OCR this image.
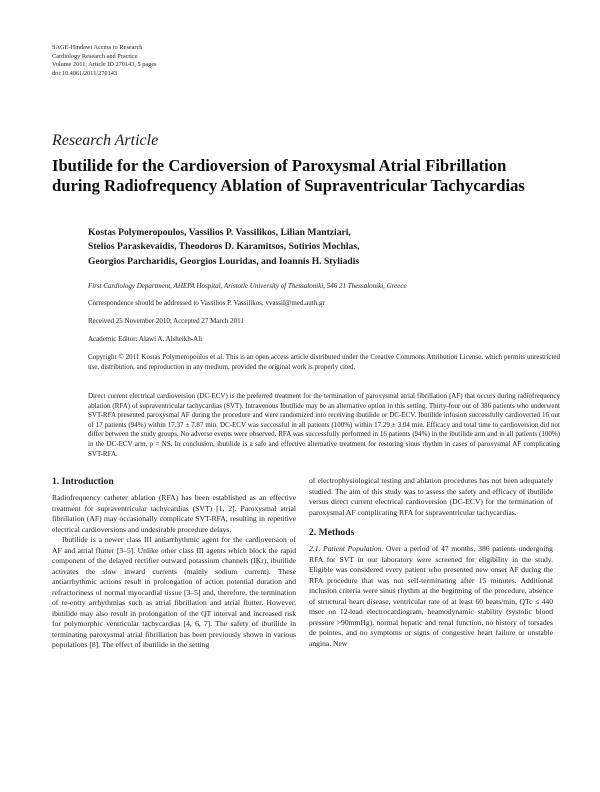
SAGE-Hindawi Access to Research
Cardiology Research and Practice
Volume 2011, Article ID 270143, 5 pages
doi:10.4061/2011/270143
Research Article
Ibutilide for the Cardioversion of Paroxysmal Atrial Fibrillation
during Radiofrequency Ablation of Supraventricular Tachycardias
Kostas Polymeropoulos, Vassilios P. Vassilikos, Lilian Mantziari,
Stelios Paraskevaidis, Theodoros D. Karamitsos, Sotirios Mochlas,
Georgios Parcharidis, Georgios Louridas, and Ioannis H. Styliadis
First Cardiology Department, AHEPA Hospital, Aristotle University of Thessaloniki, 546 21 Thessaloniki, Greece
Correspondence should be addressed to Vassilios P. Vassilikos, vvassil@med.auth.gr
Received 25 November 2010; Accepted 27 March 2011
Academic Editor: Alawi A. Alsheikh-Ali
Copyright © 2011 Kostas Polymeropoulos et al. This is an open access article distributed under the Creative Commons Attribution License, which permits unrestricted use, distribution, and reproduction in any medium, provided the original work is properly cited.
Direct current electrical cardioversion (DC-ECV) is the preferred treatment for the termination of paroxysmal atrial fibrillation (AF) that occurs during radiofrequency ablation (RFA) of supraventricular tachycardias (SVT). Intravenous Ibutilide may be an alternative option in this setting. Thirty-four out of 386 patients who underwent SVT-RFA presented paroxysmal AF during the procedure and were randomized into receiving ibutilide or DC-ECV. Ibutilide infusion successfully cardioverted 16 out of 17 patients (94%) within 17.37 ± 7.87 min. DC-ECV was successful in all patients (100%) within 17.29 ± 3.04 min. Efficacy and total time to cardioversion did not differ between the study groups. No adverse events were observed. RFA was successfully performed in 16 patients (94%) in the ibutilide arm and in all patients (100%) in the DC-ECV arm, p = NS. In conclusion, ibutilide is a safe and effective alternative treatment for restoring sinus rhythm in cases of paroxysmal AF complicating SVT-RFA.
1. Introduction

Radiofrequency catheter ablation (RFA) has been established as an effective treatment for supraventricular tachycardias (SVT) [1, 2]. Paroxysmal atrial fibrillation (AF) may occasionally complicate SVT-RFA, resulting in repetitive electrical cardioversions and undesirable procedure delays.

Ibutilide is a newer class III antiarrhythmic agent for the cardioversion of AF and atrial flutter [3–5]. Unlike other class III agents which block the rapid component of the delayed rectifier outward potassium channels (IKr), ibutilide activates the slow inward currents (mainly sodium current). These antiarrhythmic actions result in prolongation of action potential duration and refractoriness of normal myocardial tissue [3–5] and, therefore, the termination of re-entry arrhythmias such as atrial fibrillation and atrial flutter. However, ibutilide may also result in prolongation of the QT interval and increased risk for polymorphic ventricular tachycardias [4, 6, 7]. The safety of ibutilide in terminating paroxysmal atrial fibrillation has been previously shown in various populations [8]. The effect of ibutilide in the setting

of electrophysiological testing and ablation procedures has not been adequately studied. The aim of this study was to assess the safety and efficacy of ibutilide versus direct current electrical cardioversion (DC-ECV) for the termination of paroxysmal AF complicating RFA for supraventricular tachycardias.

2. Methods

2.1. Patient Population. Over a period of 47 months, 386 patients undergoing RFA for SVT in our laboratory were screened for eligibility in the study. Eligible was considered every patient who presented new onset AF during the RFA procedure that was not self-terminating after 15 minutes. Additional inclusion criteria were sinus rhythm at the beginning of the procedure, absence of structural heart disease, ventricular rate of at least 60 beats/min, QTc ≤ 440 msec on 12-lead electrocardiogram, heamodynamic stability (systolic blood pressure >90mmHg), normal hepatic and renal function, no history of torsades de pointes, and no symptoms or signs of congestive heart failure or unstable angina. New
